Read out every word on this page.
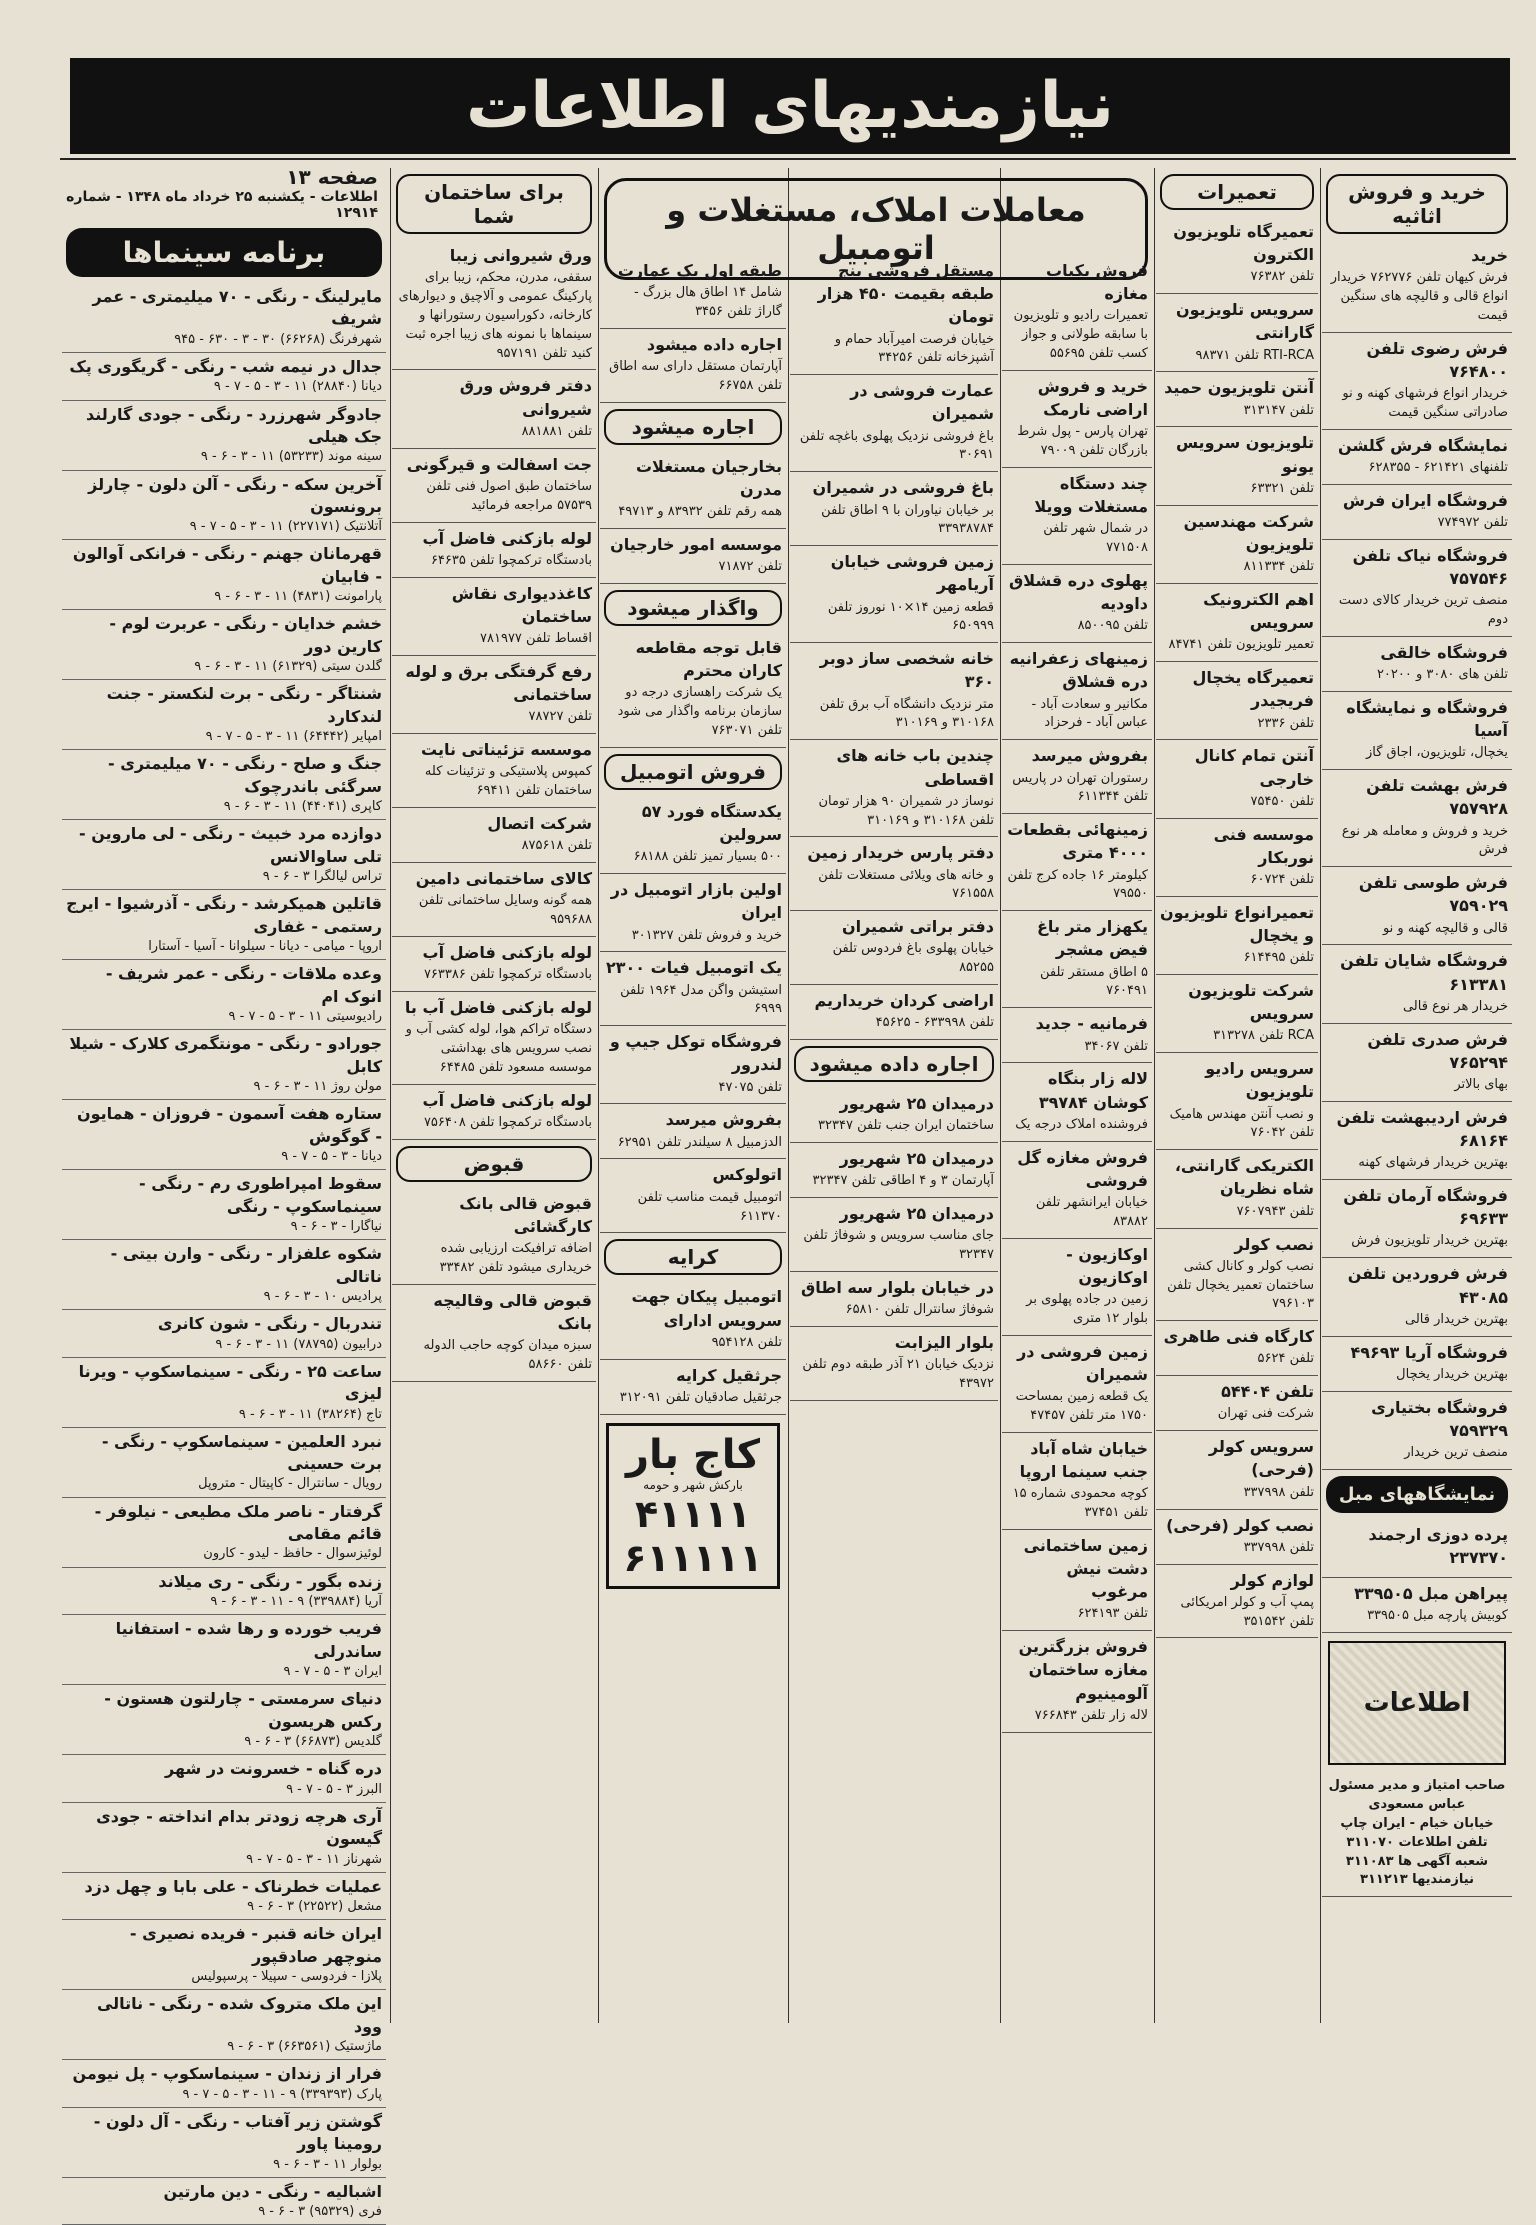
نیازمندیهای اطلاعات
خرید و فروش اثاثیه
خرید

فرش کیهان تلفن ۷۶۲۷۷۶ خریدار انواع قالی و قالیچه های سنگین قیمت

فرش رضوی تلفن ۷۶۴۸۰۰

خریدار انواع فرشهای کهنه و نو صادراتی سنگین قیمت

نمایشگاه فرش گلشن

تلفنهای ۶۲۱۴۲۱ - ۶۲۸۳۵۵

فروشگاه ایران فرش

تلفن ۷۷۴۹۷۲

فروشگاه نیاک تلفن ۷۵۷۵۴۶

منصف ترین خریدار کالای دست دوم

فروشگاه خالقی

تلفن های ۳۰۸۰ و ۲۰۲۰۰

فروشگاه و نمایشگاه آسیا

یخچال، تلویزیون، اجاق گاز

فرش بهشت تلفن ۷۵۷۹۲۸

خرید و فروش و معامله هر نوع فرش

فرش طوسی تلفن ۷۵۹۰۲۹

قالی و قالیچه کهنه و نو

فروشگاه شایان تلفن ۶۱۳۳۸۱

خریدار هر نوع قالی

فرش صدری تلفن ۷۶۵۲۹۴

بهای بالاتر

فرش اردیبهشت تلفن ۶۸۱۶۴

بهترین خریدار فرشهای کهنه

فروشگاه آرمان تلفن ۶۹۶۳۳

بهترین خریدار تلویزیون فرش

فرش فروردین تلفن ۴۳۰۸۵

بهترین خریدار قالی

فروشگاه آریا ۴۹۶۹۳

بهترین خریدار یخچال

فروشگاه بختیاری ۷۵۹۳۲۹

منصف ترین خریدار

نمایشگاههای مبل
پرده دوزی ارجمند ۲۳۷۳۷۰

پیراهن مبل ۳۳۹۵۰۵

کوبیش پارچه مبل ۳۳۹۵۰۵

اطلاعات

صاحب امتیاز و مدیر مسئول عباس مسعودی

خیابان خیام - ایران چاپ تلفن اطلاعات ۳۱۱۰۷۰

شعبه آگهی ها ۳۱۱۰۸۳ نیازمندیها ۳۱۱۲۱۳

تعمیرات
تعمیرگاه تلویزیون الکترون

تلفن ۷۶۳۸۲

سرویس تلویزیون گارانتی

RTI-RCA تلفن ۹۸۳۷۱

آنتن تلویزیون حمید

تلفن ۳۱۳۱۴۷

تلویزیون سرویس یونو

تلفن ۶۳۳۲۱

شرکت مهندسین تلویزیون

تلفن ۸۱۱۳۳۴

اهم الکترونیک سرویس

تعمیر تلویزیون تلفن ۸۴۷۴۱

تعمیرگاه یخچال فریجیدر

تلفن ۲۳۳۶

آنتن تمام کانال خارجی

تلفن ۷۵۴۵۰

موسسه فنی نوربکار

تلفن ۶۰۷۲۴

تعمیرانواع تلویزیون و یخچال

تلفن ۶۱۴۴۹۵

شرکت تلویزیون سرویس

RCA تلفن ۳۱۳۲۷۸

سرویس رادیو تلویزیون

و نصب آنتن مهندس هامیک تلفن ۷۶۰۴۲

الکتریکی گارانتی، شاه نظریان

تلفن ۷۶۰۷۹۴۳

نصب کولر

نصب کولر و کانال کشی ساختمان تعمیر یخچال تلفن ۷۹۶۱۰۳

کارگاه فنی طاهری

تلفن ۵۶۲۴

تلفن ۵۴۴۰۴

شرکت فنی تهران

سرویس کولر (فرحی)

تلفن ۳۳۷۹۹۸

نصب کولر (فرحی)

تلفن ۳۳۷۹۹۸

لوازم کولر

پمپ آب و کولر امریکائی تلفن ۳۵۱۵۴۲

معاملات املاک، مستغلات و اتومبیل
فروش یکباب مغازه

تعمیرات رادیو و تلویزیون با سابقه طولانی و جواز کسب تلفن ۵۵۶۹۵

خرید و فروش اراضی نارمک

تهران پارس - پول شرط بازرگان تلفن ۷۹۰۰۹

چند دستگاه مستغلات وویلا

در شمال شهر تلفن ۷۷۱۵۰۸

پهلوی دره قشلاق داوديه

تلفن ۸۵۰۰۹۵

زمینهای زعفرانیه دره قشلاق

مکانیر و سعادت آباد - عباس آباد - فرحزاد

بفروش میرسد

رستوران تهران در پاریس تلفن ۶۱۱۳۴۴

زمینهائی بقطعات ۴۰۰۰ متری

کیلومتر ۱۶ جاده کرج تلفن ۷۹۵۵۰

یکهزار متر باغ فیض مشجر

۵ اطاق مستقر تلفن ۷۶۰۴۹۱

فرمانیه - جدید

تلفن ۳۴۰۶۷

لاله زار بنگاه کوشان ۳۹۷۸۴

فروشنده املاک درجه یک

فروش مغازه گل فروشی

خیابان ایرانشهر تلفن ۸۳۸۸۲

اوکازیون - اوکازیون

زمین در جاده پهلوی بر بلوار ۱۲ متری

زمین فروشی در شمیران

یک قطعه زمین بمساحت ۱۷۵۰ متر تلفن ۴۷۴۵۷

خیابان شاه آباد جنب سینما اروپا

کوچه محمودی شماره ۱۵ تلفن ۳۷۴۵۱

زمین ساختمانی دشت نیش مرغوب

تلفن ۶۲۴۱۹۳

فروش بزرگترین مغازه ساختمان آلومینیوم

لاله زار تلفن ۷۶۶۸۴۳

مستقل فروشی پنج طبقه بقیمت ۴۵۰ هزار تومان

خیابان فرصت امیرآباد حمام و آشپزخانه تلفن ۳۴۲۵۶

عمارت فروشی در شمیران

باغ فروشی نزدیک پهلوی باغچه تلفن ۳۰۶۹۱

باغ فروشی در شمیران

بر خیابان نیاوران با ۹ اطاق تلفن ۳۳۹۳۸۷۸۴

زمین فروشی خیابان آریامهر

قطعه زمین ۱۴×۱۰ نوروز تلفن ۶۵۰۹۹۹

خانه شخصی ساز دوبر ۳۶۰

متر نزدیک دانشگاه آب برق تلفن ۳۱۰۱۶۸ و ۳۱۰۱۶۹

چندین باب خانه های اقساطی

نوساز در شمیران ۹۰ هزار تومان تلفن ۳۱۰۱۶۸ و ۳۱۰۱۶۹

دفتر پارس خریدار زمین

و خانه های ویلائی مستغلات تلفن ۷۶۱۵۵۸

دفتر براتی شمیران

خیابان پهلوی باغ فردوس تلفن ۸۵۲۵۵

اراضی کردان خریداریم

تلفن ۶۳۳۹۹۸ - ۴۵۶۲۵

اجاره داده میشود
درمیدان ۲۵ شهریور

ساختمان ایران جنب تلفن ۳۲۳۴۷

درمیدان ۲۵ شهریور

آپارتمان ۳ و ۴ اطاقی تلفن ۳۲۳۴۷

درمیدان ۲۵ شهریور

جای مناسب سرویس و شوفاژ تلفن ۳۲۳۴۷

در خیابان بلوار سه اطاق

شوفاژ سانترال تلفن ۶۵۸۱۰

بلوار الیزابت

نزدیک خیابان ۲۱ آذر طبقه دوم تلفن ۴۳۹۷۲

طبقه اول یک عمارت

شامل ۱۴ اطاق هال بزرگ - گاراژ تلفن ۳۴۵۶

اجاره داده میشود

آپارتمان مستقل دارای سه اطاق تلفن ۶۶۷۵۸

اجاره میشود
بخارجیان مستغلات مدرن

همه رقم تلفن ۸۳۹۳۲ و ۴۹۷۱۳

موسسه امور خارجیان

تلفن ۷۱۸۷۲

واگذار میشود
قابل توجه مقاطعه کاران محترم

یک شرکت راهسازی درجه دو سازمان برنامه واگذار می شود تلفن ۷۶۳۰۷۱

فروش اتومبیل
یکدستگاه فورد ۵۷ سرولین

۵۰۰ بسیار تمیز تلفن ۶۸۱۸۸

اولین بازار اتومبیل در ایران

خرید و فروش تلفن ۳۰۱۳۲۷

یک اتومبیل فیات ۲۳۰۰

استیشن واگن مدل ۱۹۶۴ تلفن ۶۹۹۹

فروشگاه توکل جیپ و لندرور

تلفن ۴۷۰۷۵

بفروش میرسد

الدزمبیل ۸ سیلندر تلفن ۶۲۹۵۱

اتولوکس

اتومبیل قیمت مناسب تلفن ۶۱۱۳۷۰

کرایه
اتومبیل پیکان جهت سرویس ادارای

تلفن ۹۵۴۱۲۸

جرثقیل کرایه

جرثقیل صادقیان تلفن ۳۱۲۰۹۱

کاج بار
بارکش شهر و حومه
۴۱۱۱۱
۶۱۱۱۱۱
برای ساختمان شما
ورق شیروانی زیبا

سقفی، مدرن، محکم، زیبا برای پارکینگ عمومی و آلاچیق و دیوارهای کارخانه، دکوراسیون رستورانها و سینماها با نمونه های زیبا اجره ثبت کنید تلفن ۹۵۷۱۹۱

دفتر فروش ورق شیروانی

تلفن ۸۸۱۸۸۱

جت اسفالت و قیرگونی

ساختمان طبق اصول فنی تلفن ۵۷۵۳۹ مراجعه فرمائید

لوله بازکنی فاضل آب

بادستگاه ترکمچوا تلفن ۶۴۶۳۵

کاغذدیواری نقاش ساختمان

اقساط تلفن ۷۸۱۹۷۷

رفع گرفتگی برق و لوله ساختمانی

تلفن ۷۸۷۲۷

موسسه تزئیناتی نایت

کمپوس پلاستیکی و تزئینات کله ساختمان تلفن ۶۹۴۱۱

شرکت اتصال

تلفن ۸۷۵۶۱۸

کالای ساختمانی دامین

همه گونه وسایل ساختمانی تلفن ۹۵۹۶۸۸

لوله بازکنی فاضل آب

بادستگاه ترکمچوا تلفن ۷۶۳۳۸۶

لوله بازکنی فاضل آب با

دستگاه تراکم هوا، لوله کشی آب و نصب سرویس های بهداشتی موسسه مسعود تلفن ۶۴۴۸۵

لوله بازکنی فاضل آب

بادستگاه ترکمچوا تلفن ۷۵۶۴۰۸

قبوض
قبوض قالی بانک کارگشائی

اضافه ترافیکت ارزیابی شده خریداری میشود تلفن ۳۳۴۸۲

قبوض قالی وقالیچه بانک

سبزه میدان کوچه حاجب الدوله تلفن ۵۸۶۶۰

صفحه ۱۳
اطلاعات - یکشنبه ۲۵ خرداد ماه ۱۳۴۸ - شماره ۱۲۹۱۴
برنامه سینماها
مایرلینگ - رنگی - ۷۰ میلیمتری - عمر شریف
شهرفرنگ (۶۶۲۶۸) ۳۰ - ۳ - ۶۳۰ - ۹۴۵
جدال در نیمه شب - رنگی - گریگوری پک
دیانا (۲۸۸۴۰) ۱۱ - ۳ - ۵ - ۷ - ۹
جادوگر شهرزرد - رنگی - جودی گارلند جک هیلی
سینه موند (۵۳۲۳۳) ۱۱ - ۳ - ۶ - ۹
آخرین سکه - رنگی - آلن دلون - چارلز برونسون
آتلانتیک (۲۲۷۱۷۱) ۱۱ - ۳ - ۵ - ۷ - ۹
قهرمانان جهنم - رنگی - فرانکی آوالون - فابیان
پارامونت (۴۸۳۱) ۱۱ - ۳ - ۶ - ۹
خشم خدایان - رنگی - عربرت لوم - کارین دور
گلدن سیتی (۶۱۳۲۹) ۱۱ - ۳ - ۶ - ۹
شنتاگر - رنگی - برت لنکستر - جنت لندکارد
امپایر (۶۴۴۴۲) ۱۱ - ۳ - ۵ - ۷ - ۹
جنگ و صلح - رنگی - ۷۰ میلیمتری - سرگئی باندرچوک
کاپری (۴۴۰۴۱) ۱۱ - ۳ - ۶ - ۹
دوازده مرد خبیث - رنگی - لی ماروین - تلی ساوالانس
تراس لیالگرا ۳ - ۶ - ۹
قاتلین همیکرشد - رنگی - آذرشیوا - ایرج رستمی - غفاری
اروپا - میامی - دیانا - سیلوانا - آسیا - آستارا
وعده ملاقات - رنگی - عمر شریف - انوک ام
رادیوسیتی ۱۱ - ۳ - ۵ - ۷ - ۹
جورادو - رنگی - مونتگمری کلارک - شیلا کابل
مولن روژ ۱۱ - ۳ - ۶ - ۹
ستاره هفت آسمون - فروزان - همایون - گوگوش
دیانا - ۳ - ۵ - ۷ - ۹
سقوط امپراطوری رم - رنگی - سینماسکوپ - رنگی
نیاگارا - ۳ - ۶ - ۹
شکوه علفزار - رنگی - وارن بیتی - ناتالی
پرادیس ۱۰ - ۳ - ۶ - ۹
تندربال - رنگی - شون کانری
درابیون (۷۸۷۹۵) ۱۱ - ۳ - ۶ - ۹
ساعت ۲۵ - رنگی - سینماسکوپ - ویرنا لیزی
تاج (۳۸۲۶۴) ۱۱ - ۳ - ۶ - ۹
نبرد العلمین - سینماسکوپ - رنگی - برت حسینی
رویال - سانترال - کاپیتال - متروپل
گرفتار - ناصر ملک مطیعی - نیلوفر - قائم مقامی
لوئیزسوال - حافظ - لیدو - کارون
زنده بگور - رنگی - ری میلاند
آریا (۳۳۹۸۸۴) ۹ - ۱۱ - ۳ - ۶ - ۹
فریب خورده و رها شده - استفانیا ساندرلی
ایران ۳ - ۵ - ۷ - ۹
دنیای سرمستی - چارلتون هستون - رکس هریسون
گلدیس (۶۶۸۷۳) ۳ - ۶ - ۹
دره گناه - خسرونت در شهر
البرز ۳ - ۵ - ۷ - ۹
آری هرچه زودتر بدام انداخته - جودی گیسون
شهرناز ۱۱ - ۳ - ۵ - ۷ - ۹
عملیات خطرناک - علی بابا و چهل دزد
مشعل (۲۲۵۲۲) ۳ - ۶ - ۹
ایران خانه قنبر - فریده نصیری - منوچهر صادقپور
پلازا - فردوسی - سپیلا - پرسپولیس
این ملک متروک شده - رنگی - ناتالی وود
ماژستیک (۶۶۳۵۶۱) ۳ - ۶ - ۹
فرار از زندان - سینماسکوپ - پل نیومن
پارک (۳۳۹۳۹۳) ۹ - ۱۱ - ۳ - ۵ - ۷ - ۹
گوشتن زیر آفتاب - رنگی - آل دلون - رومینا پاور
بولوار ۱۱ - ۳ - ۶ - ۹
اشبالیه - رنگی - دین مارتین
فری (۹۵۳۲۹) ۳ - ۶ - ۹
